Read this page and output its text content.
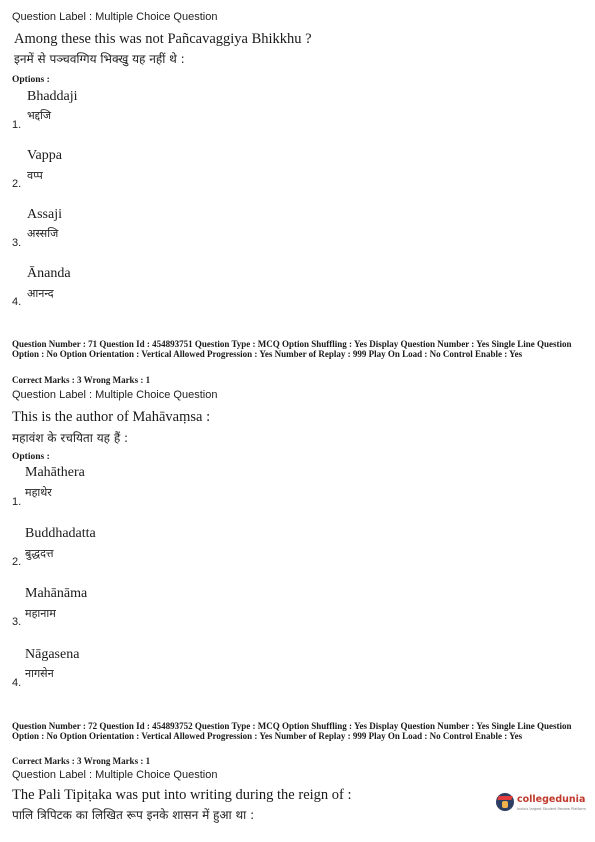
Question Label : Multiple Choice Question
Among these this was not Pañcavaggiya Bhikkhu ?
इनमें से पञ्चवग्गिय भिक्खु यह नहीं थे :
Options :
Bhaddaji
भद्दजि
1.
Vappa
वप्प
2.
Assaji
अस्सजि
3.
Ānanda
आनन्द
4.
Question Number : 71 Question Id : 454893751 Question Type : MCQ Option Shuffling : Yes Display Question Number : Yes Single Line Question Option : No Option Orientation : Vertical Allowed Progression : Yes Number of Replay : 999 Play On Load : No Control Enable : Yes
Correct Marks : 3 Wrong Marks : 1
Question Label : Multiple Choice Question
This is the author of Mahāvaṃsa :
महावंश के रचयिता यह हैं :
Options :
Mahāthera
महाथेर
1.
Buddhadatta
बुद्धदत्त
2.
Mahānāma
महानाम
3.
Nāgasena
नागसेन
4.
Question Number : 72 Question Id : 454893752 Question Type : MCQ Option Shuffling : Yes Display Question Number : Yes Single Line Question Option : No Option Orientation : Vertical Allowed Progression : Yes Number of Replay : 999 Play On Load : No Control Enable : Yes
Correct Marks : 3 Wrong Marks : 1
Question Label : Multiple Choice Question
The Pali Tipiṭaka was put into writing during the reign of :
पालि त्रिपिटक का लिखित रूप इनके शासन में हुआ था :
collegedunia
India's largest Student Review Platform
